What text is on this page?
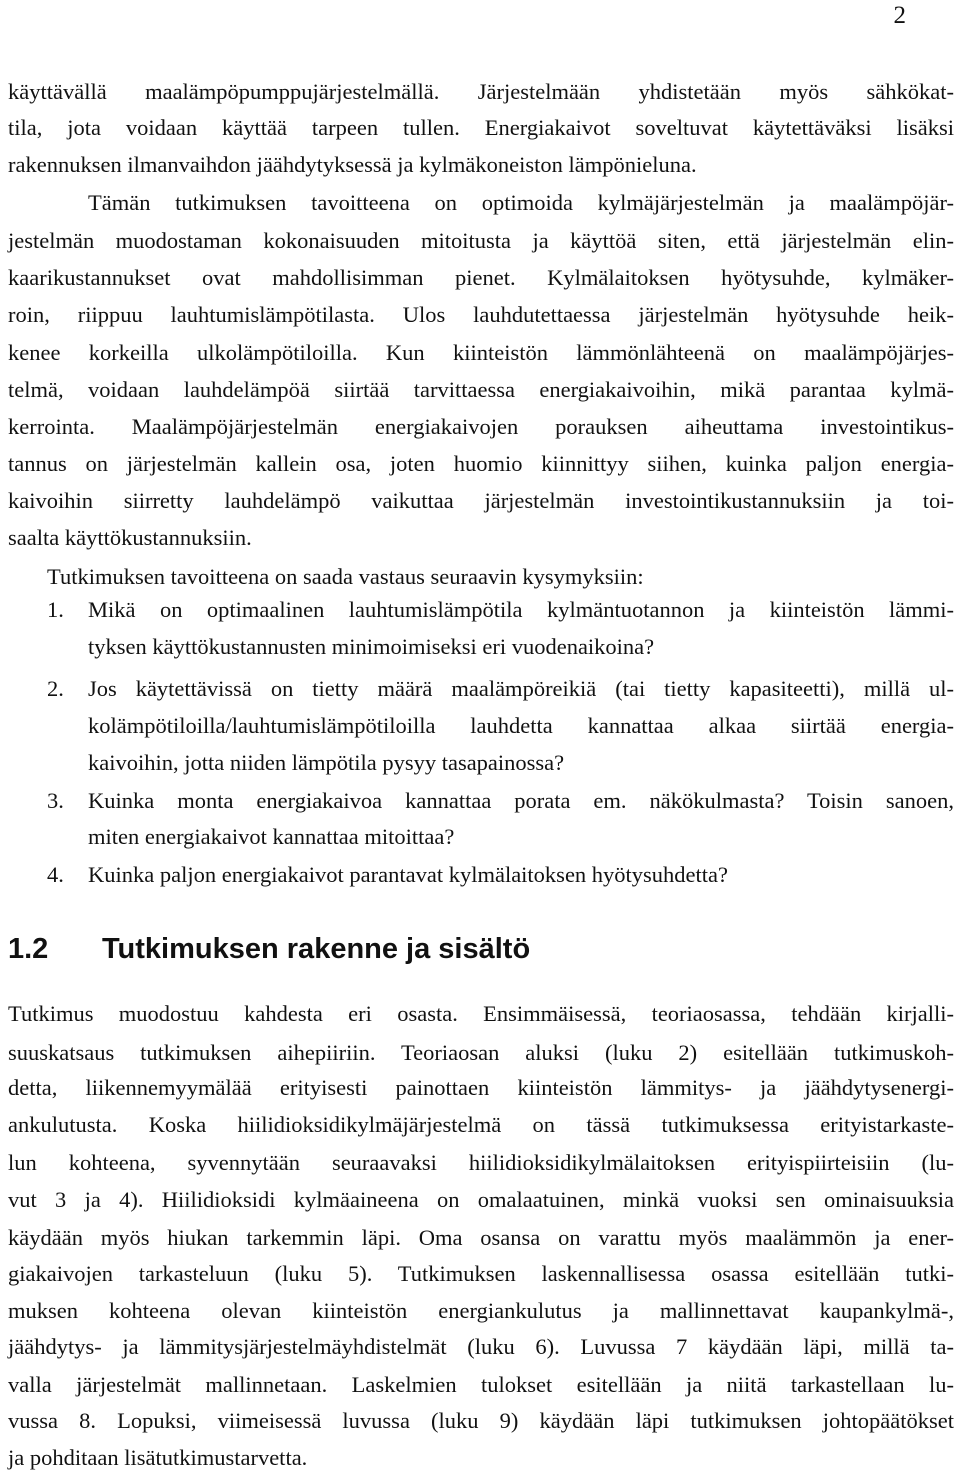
2
käyttävällä maalämpöpumppujärjestelmällä. Järjestelmään yhdistetään myös sähkökat-
tila, jota voidaan käyttää tarpeen tullen. Energiakaivot soveltuvat käytettäväksi lisäksi
rakennuksen ilmanvaihdon jäähdytyksessä ja kylmäkoneiston lämpönieluna.
Tämän tutkimuksen tavoitteena on optimoida kylmäjärjestelmän ja maalämpöjär-
jestelmän muodostaman kokonaisuuden mitoitusta ja käyttöä siten, että järjestelmän elin-
kaarikustannukset ovat mahdollisimman pienet. Kylmälaitoksen hyötysuhde, kylmäker-
roin, riippuu lauhtumislämpötilasta. Ulos lauhdutettaessa järjestelmän hyötysuhde heik-
kenee korkeilla ulkolämpötiloilla. Kun kiinteistön lämmönlähteenä on maalämpöjärjes-
telmä, voidaan lauhdelämpöä siirtää tarvittaessa energiakaivoihin, mikä parantaa kylmä-
kerrointa. Maalämpöjärjestelmän energiakaivojen porauksen aiheuttama investointikus-
tannus on järjestelmän kallein osa, joten huomio kiinnittyy siihen, kuinka paljon energia-
kaivoihin siirretty lauhdelämpö vaikuttaa järjestelmän investointikustannuksiin ja toi-
saalta käyttökustannuksiin.
Tutkimuksen tavoitteena on saada vastaus seuraavin kysymyksiin:
1. Mikä on optimaalinen lauhtumislämpötila kylmäntuotannon ja kiinteistön lämmi-
tyksen käyttökustannusten minimoimiseksi eri vuodenaikoina?
2. Jos käytettävissä on tietty määrä maalämpöreikiä (tai tietty kapasiteetti), millä ul-
kolämpötiloilla/lauhtumislämpötiloilla lauhdetta kannattaa alkaa siirtää energia-
kaivoihin, jotta niiden lämpötila pysyy tasapainossa?
3. Kuinka monta energiakaivoa kannattaa porata em. näkökulmasta? Toisin sanoen,
miten energiakaivot kannattaa mitoittaa?
4. Kuinka paljon energiakaivot parantavat kylmälaitoksen hyötysuhdetta?
1.2 Tutkimuksen rakenne ja sisältö
Tutkimus muodostuu kahdesta eri osasta. Ensimmäisessä, teoriaosassa, tehdään kirjalli-
suuskatsaus tutkimuksen aihepiiriin. Teoriaosan aluksi (luku 2) esitellään tutkimuskoh-
detta, liikennemyymälää erityisesti painottaen kiinteistön lämmitys- ja jäähdytysenergi-
ankulutusta. Koska hiilidioksidikylmäjärjestelmä on tässä tutkimuksessa erityistarkaste-
lun kohteena, syvennytään seuraavaksi hiilidioksidikylmälaitoksen erityispiirteisiin (lu-
vut 3 ja 4). Hiilidioksidi kylmäaineena on omalaatuinen, minkä vuoksi sen ominaisuuksia
käydään myös hiukan tarkemmin läpi. Oma osansa on varattu myös maalämmön ja ener-
giakaivojen tarkasteluun (luku 5). Tutkimuksen laskennallisessa osassa esitellään tutki-
muksen kohteena olevan kiinteistön energiankulutus ja mallinnettavat kaupankylmä-,
jäähdytys- ja lämmitysjärjestelmäyhdistelmät (luku 6). Luvussa 7 käydään läpi, millä ta-
valla järjestelmät mallinnetaan. Laskelmien tulokset esitellään ja niitä tarkastellaan lu-
vussa 8. Lopuksi, viimeisessä luvussa (luku 9) käydään läpi tutkimuksen johtopäätökset
ja pohditaan lisätutkimustarvetta.
